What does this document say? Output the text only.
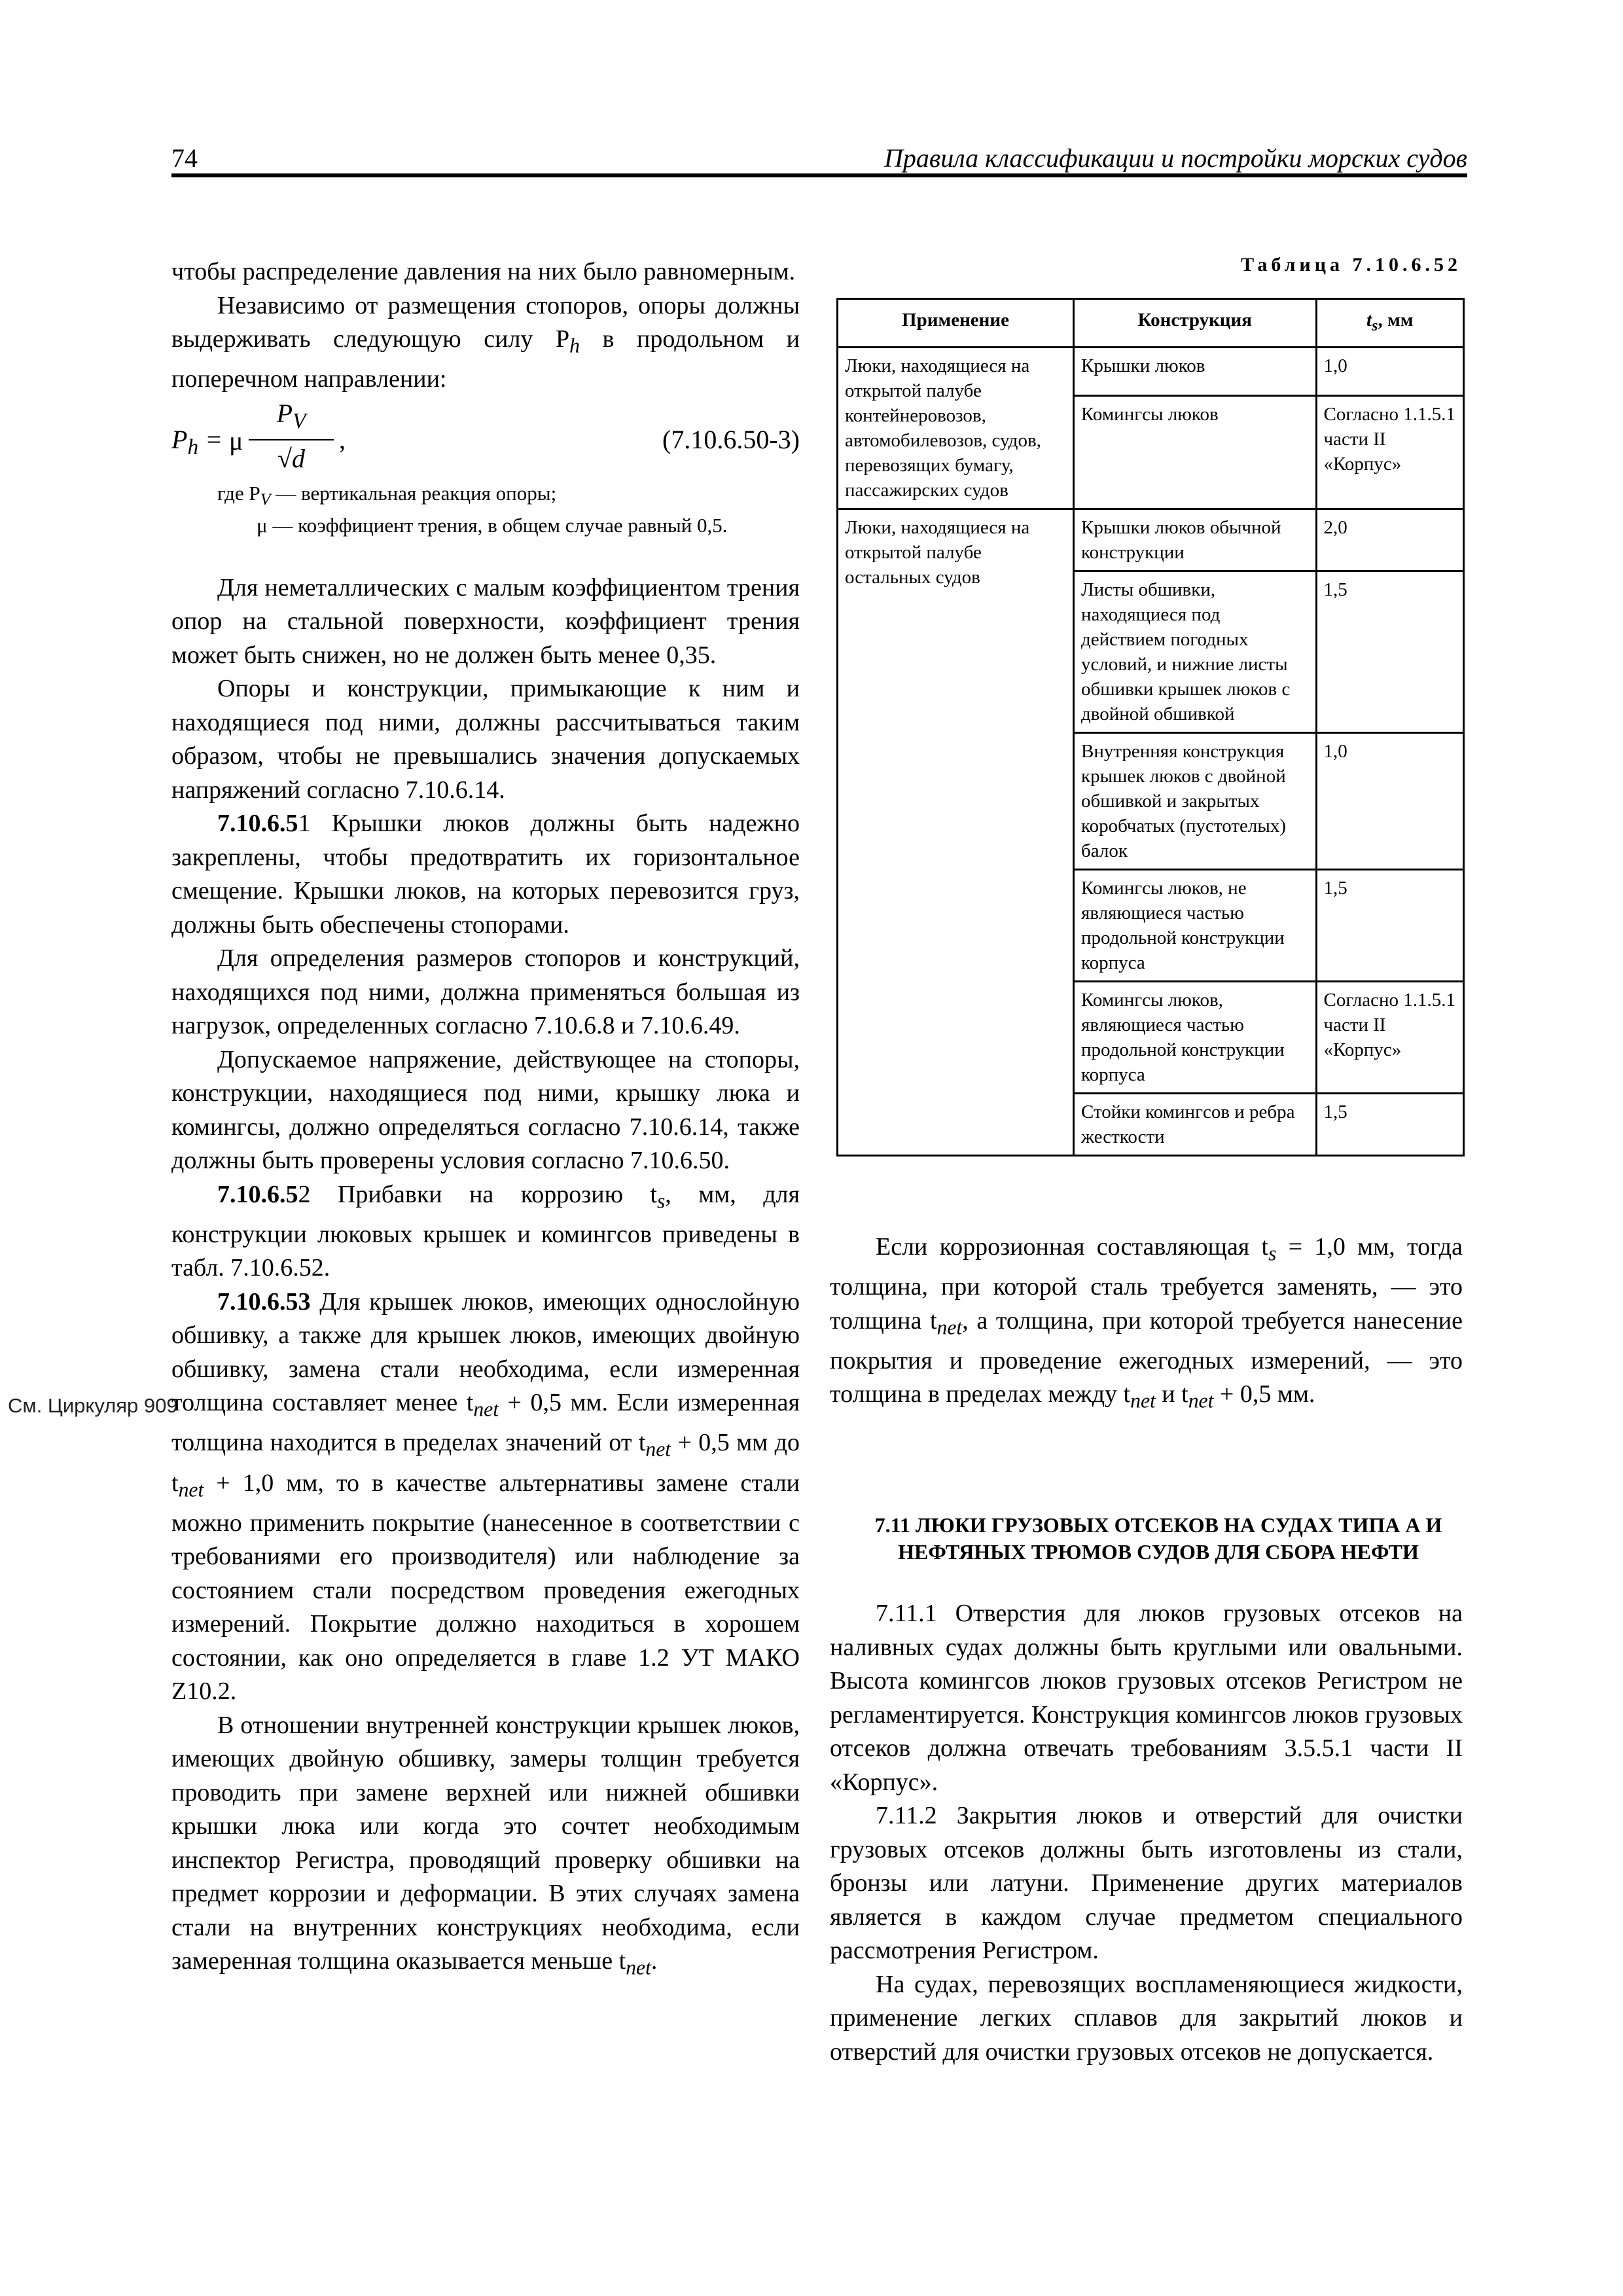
74	Правила классификации и постройки морских судов
См. Циркуляр 909

чтобы распределение давления на них было равномерным.

Независимо от размещения стопоров, опоры должны выдерживать следующую силу $P_h$ в продольном и поперечном направлении:

$P_h = \mu \frac{P_V}{√d}$ ,	(7.10.6.50-3)

где $P_V$ — вертикальная реакция опоры;
μ — коэффициент трения, в общем случае равный 0,5.

Для неметаллических с малым коэффициентом трения опор на стальной поверхности, коэффициент трения может быть снижен, но не должен быть менее 0,35.

Опоры и конструкции, примыкающие к ним и находящиеся под ними, должны рассчитываться таким образом, чтобы не превышались значения допускаемых напряжений согласно 7.10.6.14.

7.10.6.51 Крышки люков должны быть надежно закреплены, чтобы предотвратить их горизонтальное смещение. Крышки люков, на которых перевозится груз, должны быть обеспечены стопорами.

Для определения размеров стопоров и конструкций, находящихся под ними, должна применяться большая из нагрузок, определенных согласно 7.10.6.8 и 7.10.6.49.

Допускаемое напряжение, действующее на стопоры, конструкции, находящиеся под ними, крышку люка и комингсы, должно определяться согласно 7.10.6.14, также должны быть проверены условия согласно 7.10.6.50.

7.10.6.52 Прибавки на коррозию $t_s$, мм, для конструкции люковых крышек и комингсов приведены в табл. 7.10.6.52.

7.10.6.53 Для крышек люков, имеющих однослойную обшивку, а также для крышек люков, имеющих двойную обшивку, замена стали необходима, если измеренная толщина составляет менее $t_{net} + 0,5$ мм. Если измеренная толщина находится в пределах значений от $t_{net} + 0,5$ мм до $t_{net} + 1,0$ мм, то в качестве альтернативы замене стали можно применить покрытие (нанесенное в соответствии с требованиями его производителя) или наблюдение за состоянием стали посредством проведения ежегодных измерений. Покрытие должно находиться в хорошем состоянии, как оно определяется в главе 1.2 УТ МАКО Z10.2.

В отношении внутренней конструкции крышек люков, имеющих двойную обшивку, замеры толщин требуется проводить при замене верхней или нижней обшивки крышки люка или когда это сочтет необходимым инспектор Регистра, проводящий проверку обшивки на предмет коррозии и деформации. В этих случаях замена стали на внутренних конструкциях необходима, если замеренная толщина оказывается меньше $t_{net}$.

Таблица 7.10.6.52
Применение	Конструкция	$t_s$, мм
Люки, находящиеся на открытой палубе контейнеровозов, автомобилевозов, судов, перевозящих бумагу, пассажирских судов	Крышки люков	1,0
	Комингсы люков	Согласно 1.1.5.1 части II «Корпус»
Люки, находящиеся на открытой палубе остальных судов	Крышки люков обычной конструкции	2,0
	Листы обшивки, находящиеся под действием погодных условий, и нижние листы обшивки крышек люков с двойной обшивкой	1,5
	Внутренняя конструкция крышек люков с двойной обшивкой и закрытых коробчатых (пустотелых) балок	1,0
	Комингсы люков, не являющиеся частью продольной конструкции корпуса	1,5
	Комингсы люков, являющиеся частью продольной конструкции корпуса	Согласно 1.1.5.1 части II «Корпус»
	Стойки комингсов и ребра жесткости	1,5

Если коррозионная составляющая $t_s = 1,0$ мм, тогда толщина, при которой сталь требуется заменять, — это толщина $t_{net}$, а толщина, при которой требуется нанесение покрытия и проведение ежегодных измерений, — это толщина в пределах между $t_{net}$ и $t_{net} + 0,5$ мм.

7.11 ЛЮКИ ГРУЗОВЫХ ОТСЕКОВ НА СУДАХ ТИПА А И НЕФТЯНЫХ ТРЮМОВ СУДОВ ДЛЯ СБОРА НЕФТИ

7.11.1 Отверстия для люков грузовых отсеков на наливных судах должны быть круглыми или овальными. Высота комингсов люков грузовых отсеков Регистром не регламентируется. Конструкция комингсов люков грузовых отсеков должна отвечать требованиям 3.5.5.1 части II «Корпус».

7.11.2 Закрытия люков и отверстий для очистки грузовых отсеков должны быть изготовлены из стали, бронзы или латуни. Применение других материалов является в каждом случае предметом специального рассмотрения Регистром.

На судах, перевозящих воспламеняющиеся жидкости, применение легких сплавов для закрытий люков и отверстий для очистки грузовых отсеков не допускается.
